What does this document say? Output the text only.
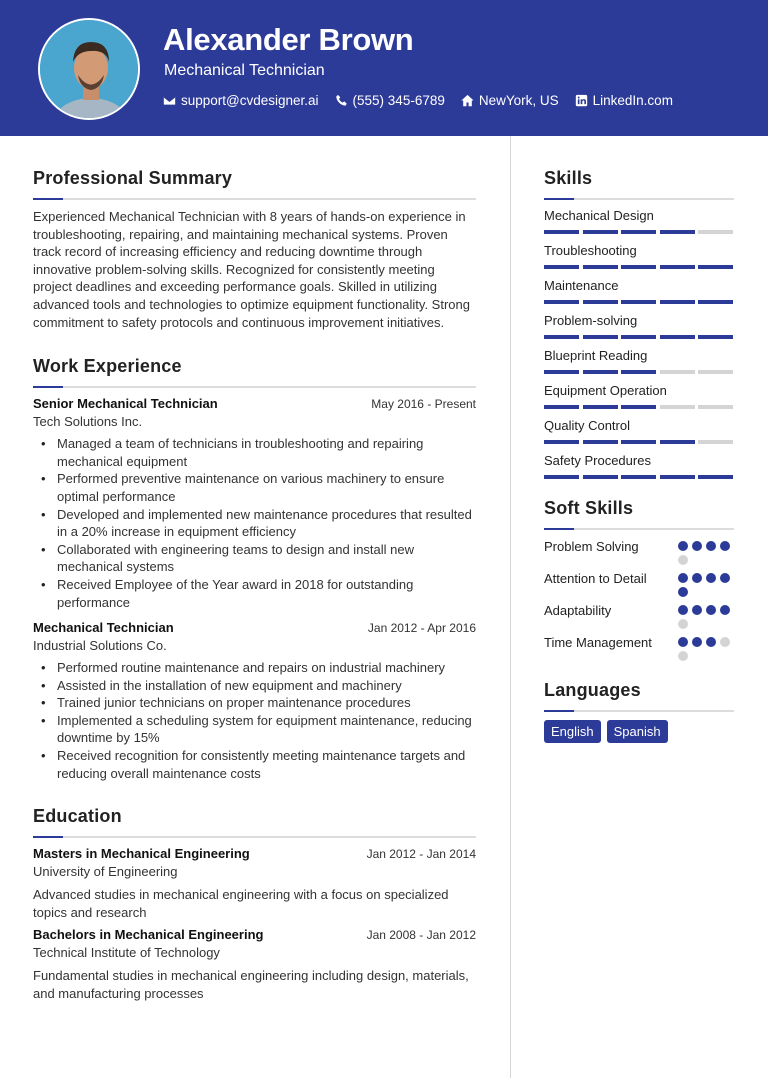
Alexander Brown
Mechanical Technician
support@cvdesigner.ai	(555) 345-6789	NewYork, US	LinkedIn.com
Professional Summary

Experienced Mechanical Technician with 8 years of hands-on experience in troubleshooting, repairing, and maintaining mechanical systems. Proven track record of increasing efficiency and reducing downtime through innovative problem-solving skills. Recognized for consistently meeting project deadlines and exceeding performance goals. Skilled in utilizing advanced tools and technologies to optimize equipment functionality. Strong commitment to safety protocols and continuous improvement initiatives.

Work Experience
Senior Mechanical Technician	May 2016 - Present
Tech Solutions Inc.
• Managed a team of technicians in troubleshooting and repairing mechanical equipment
• Performed preventive maintenance on various machinery to ensure optimal performance
• Developed and implemented new maintenance procedures that resulted in a 20% increase in equipment efficiency
• Collaborated with engineering teams to design and install new mechanical systems
• Received Employee of the Year award in 2018 for outstanding performance
Mechanical Technician	Jan 2012 - Apr 2016
Industrial Solutions Co.
• Performed routine maintenance and repairs on industrial machinery
• Assisted in the installation of new equipment and machinery
• Trained junior technicians on proper maintenance procedures
• Implemented a scheduling system for equipment maintenance, reducing downtime by 15%
• Received recognition for consistently meeting maintenance targets and reducing overall maintenance costs
Education
Masters in Mechanical Engineering	Jan 2012 - Jan 2014
University of Engineering

Advanced studies in mechanical engineering with a focus on specialized topics and research

Bachelors in Mechanical Engineering	Jan 2008 - Jan 2012
Technical Institute of Technology

Fundamental studies in mechanical engineering including design, materials, and manufacturing processes

Skills
Mechanical Design
Troubleshooting
Maintenance
Problem-solving
Blueprint Reading
Equipment Operation
Quality Control
Safety Procedures
Soft Skills
Problem Solving
Attention to Detail
Adaptability
Time Management
Languages
English	Spanish
